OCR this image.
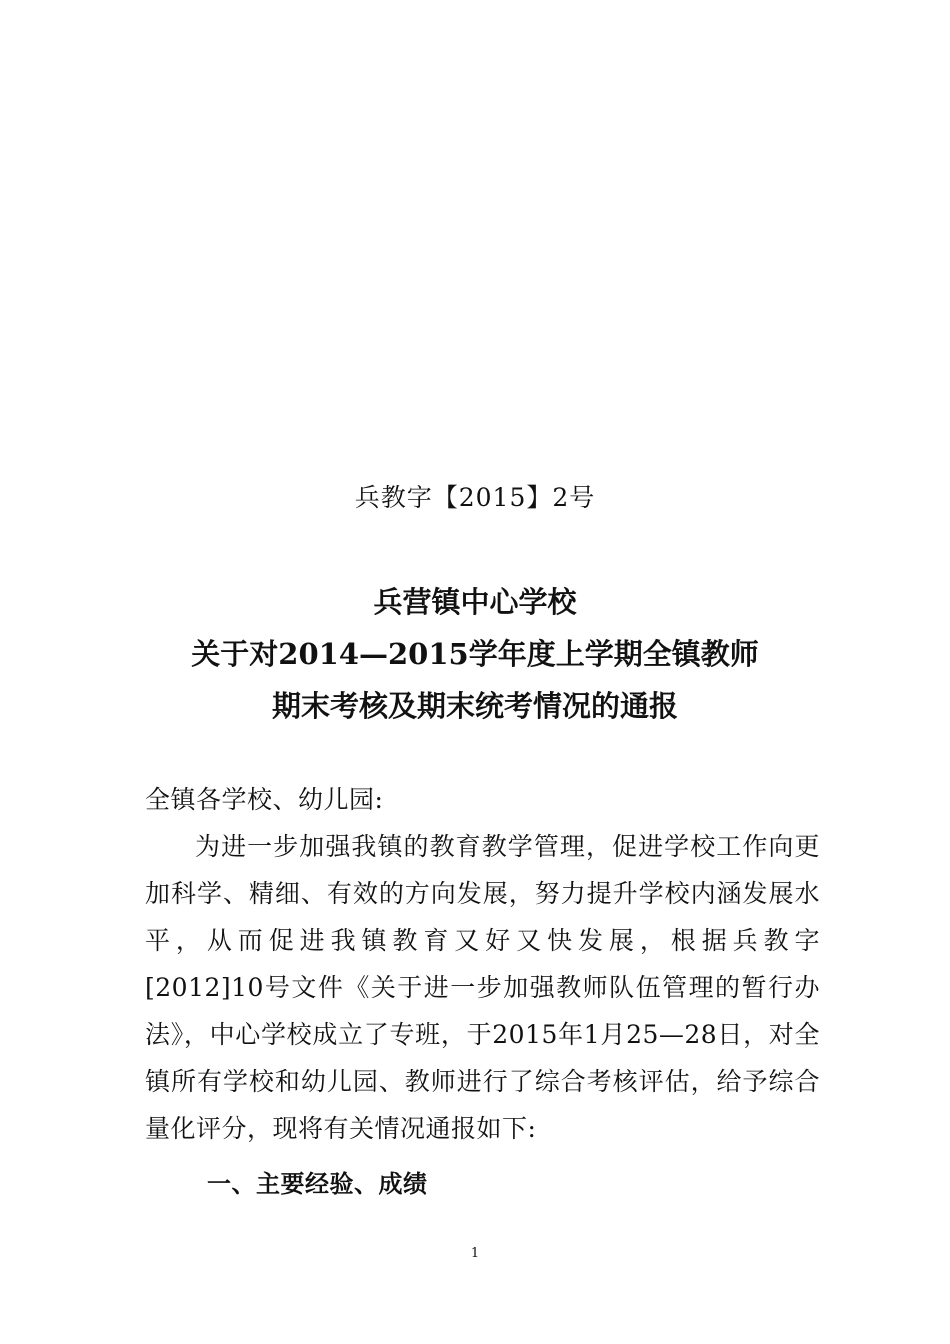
兵教字【2015】2号
兵营镇中心学校
关于对2014—2015学年度上学期全镇教师
期末考核及期末统考情况的通报

全镇各学校、幼儿园:

为进一步加强我镇的教育教学管理，促进学校工作向更加科学、精细、有效的方向发展，努力提升学校内涵发展水平，从而促进我镇教育又好又快发展，根据兵教字[2012]10号文件《关于进一步加强教师队伍管理的暂行办法》，中心学校成立了专班，于2015年1月25—28日，对全镇所有学校和幼儿园、教师进行了综合考核评估，给予综合量化评分，现将有关情况通报如下:

一、主要经验、成绩

1
